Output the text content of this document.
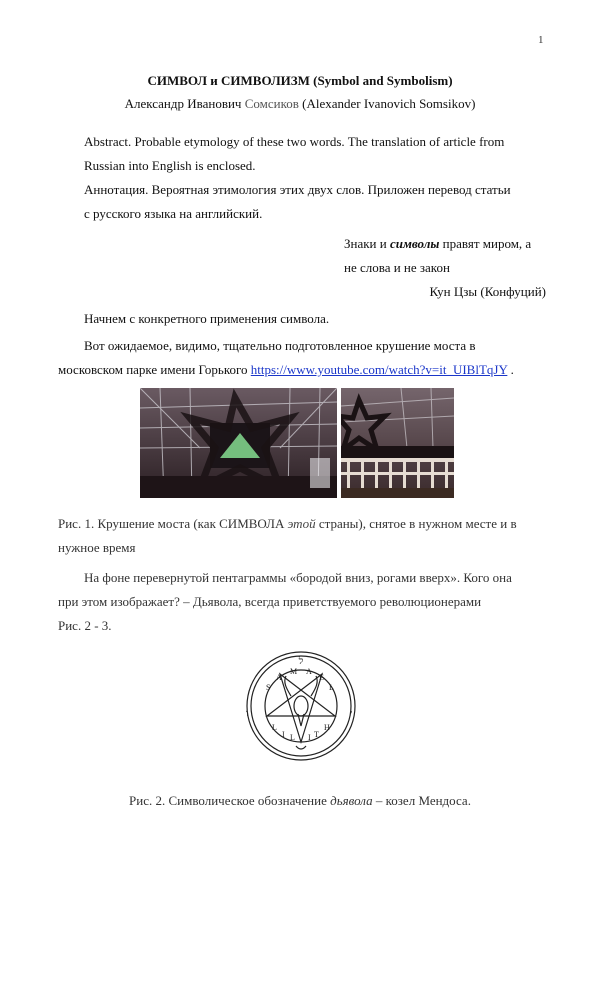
1
СИМВОЛ и СИМВОЛИЗМ (Symbol and Symbolism)
Александр Иванович Сомсиков (Alexander Ivanovich Somsikov)
Abstract. Probable etymology of these two words. The translation of article from
Russian into English is enclosed.
Аннотация. Вероятная этимология этих двух слов. Приложен перевод статьи
с русского языка на английский.
Знаки и символы правят миром, а
не слова и не закон
Кун Цзы (Конфуций)
Начнем с конкретного применения символа.
Вот ожидаемое, видимо, тщательно подготовленное крушение моста в
московском парке имени Горького https://www.youtube.com/watch?v=it_UIBlTqJY .
Рис. 1. Крушение моста (как СИМВОЛА этой страны), снятое в нужном месте и в
нужное время
На фоне перевернутой пентаграммы «бородой вниз, рогами вверх». Кого она
при этом изображает? – Дьявола, всегда приветствуемого революционерами
Рис. 2 - 3.
ל
S
A
M A
E
L
L
I L I T
H
ו	י
Рис. 2. Символическое обозначение дьявола – козел Мендоса.
